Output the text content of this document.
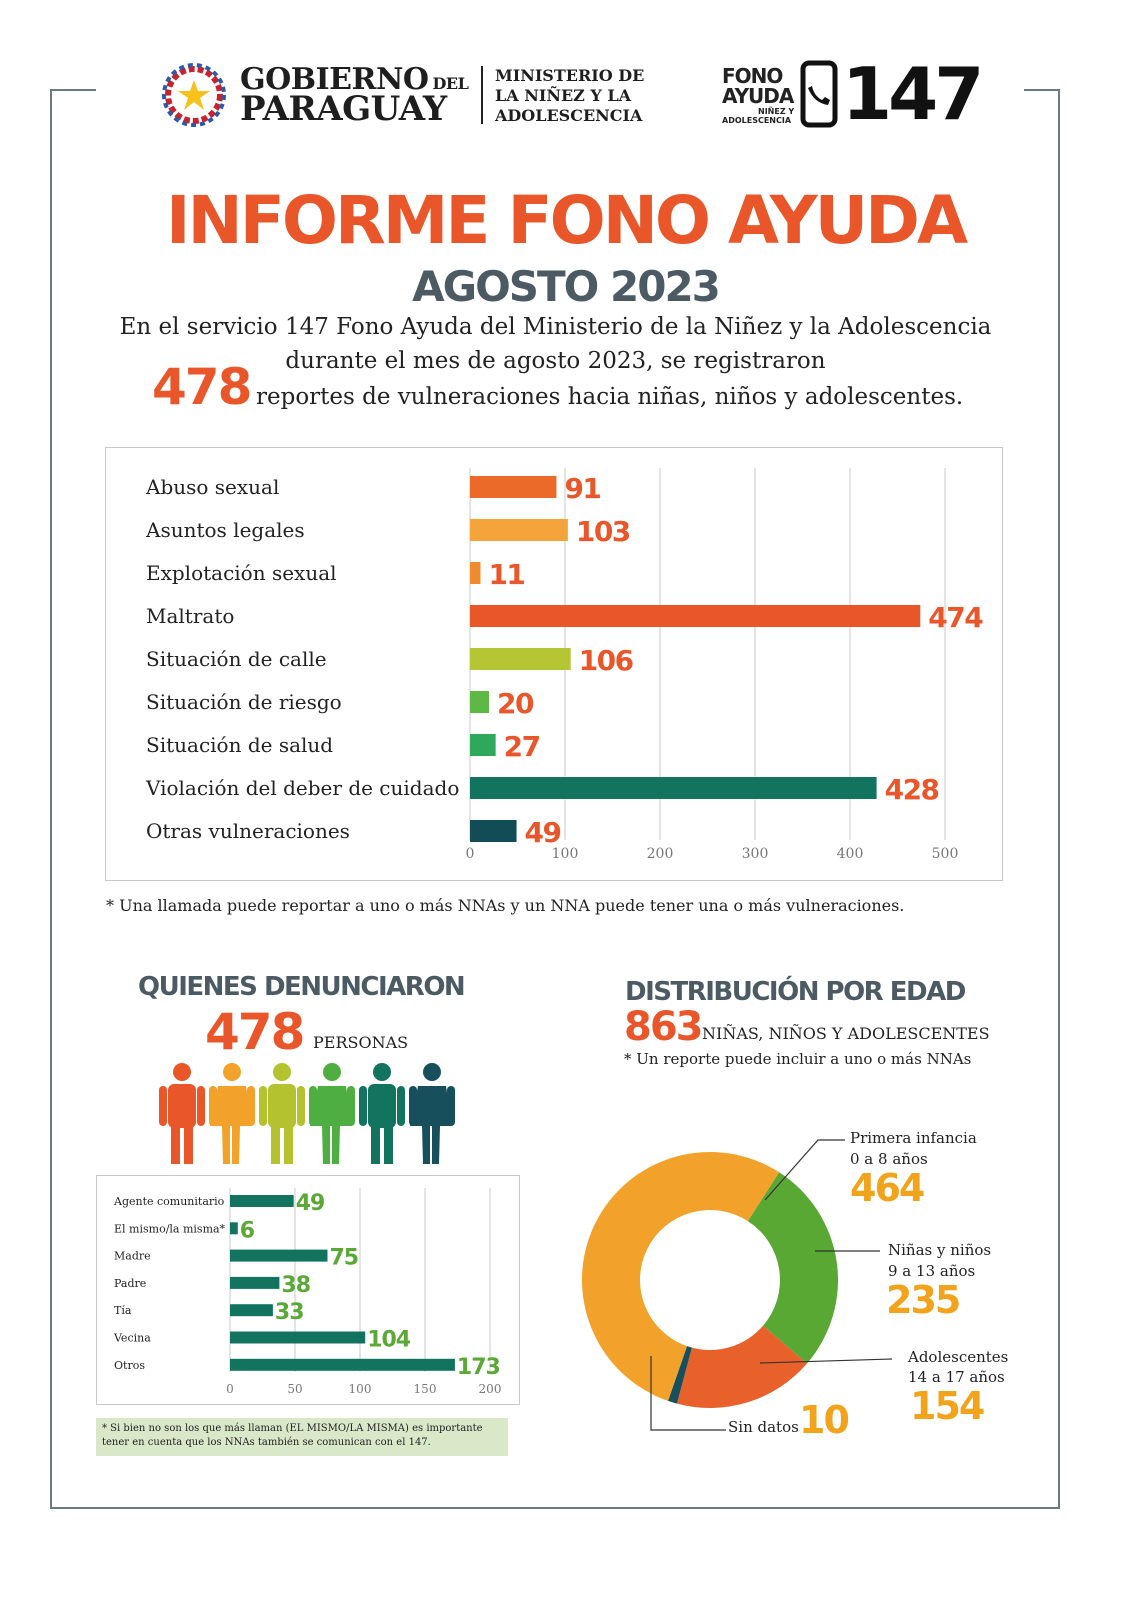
GOBIERNO DEL
PARAGUAY
MINISTERIO DE
LA NIÑEZ Y LA
ADOLESCENCIA
FONO
AYUDA
NIÑEZ Y
ADOLESCENCIA 147
INFORME FONO AYUDA
AGOSTO 2023
En el servicio 147 Fono Ayuda del Ministerio de la Niñez y la Adolescencia
durante el mes de agosto 2023, se registraron
478 reportes de vulneraciones hacia niñas, niños y adolescentes.
0	100	200	300	400	500
Abuso sexual	91
Asuntos legales	103
Explotación sexual	11
Maltrato	474
Situación de calle	106
Situación de riesgo	20
Situación de salud	27
Violación del deber de cuidado	428
Otras vulneraciones	49
* Una llamada puede reportar a uno o más NNAs y un NNA puede tener una o más vulneraciones.
QUIENES DENUNCIARON
478 PERSONAS
0	50	100	150	200
Agente comunitario	49
El mismo/la misma* 6
Madre	75
Padre	38
Tía	33
Vecina	104
Otros	173
* Si bien no son los que más llaman (EL MISMO/LA MISMA) es importante tener en cuenta que los NNAs también se comunican con el 147.
DISTRIBUCIÓN POR EDAD
863 NIÑAS, NIÑOS Y ADOLESCENTES
* Un reporte puede incluir a uno o más NNAs
Primera infancia
0 a 8 años
464
Niñas y niños
9 a 13 años
235
Adolescentes
14 a 17 años
154
Sin datos 10
